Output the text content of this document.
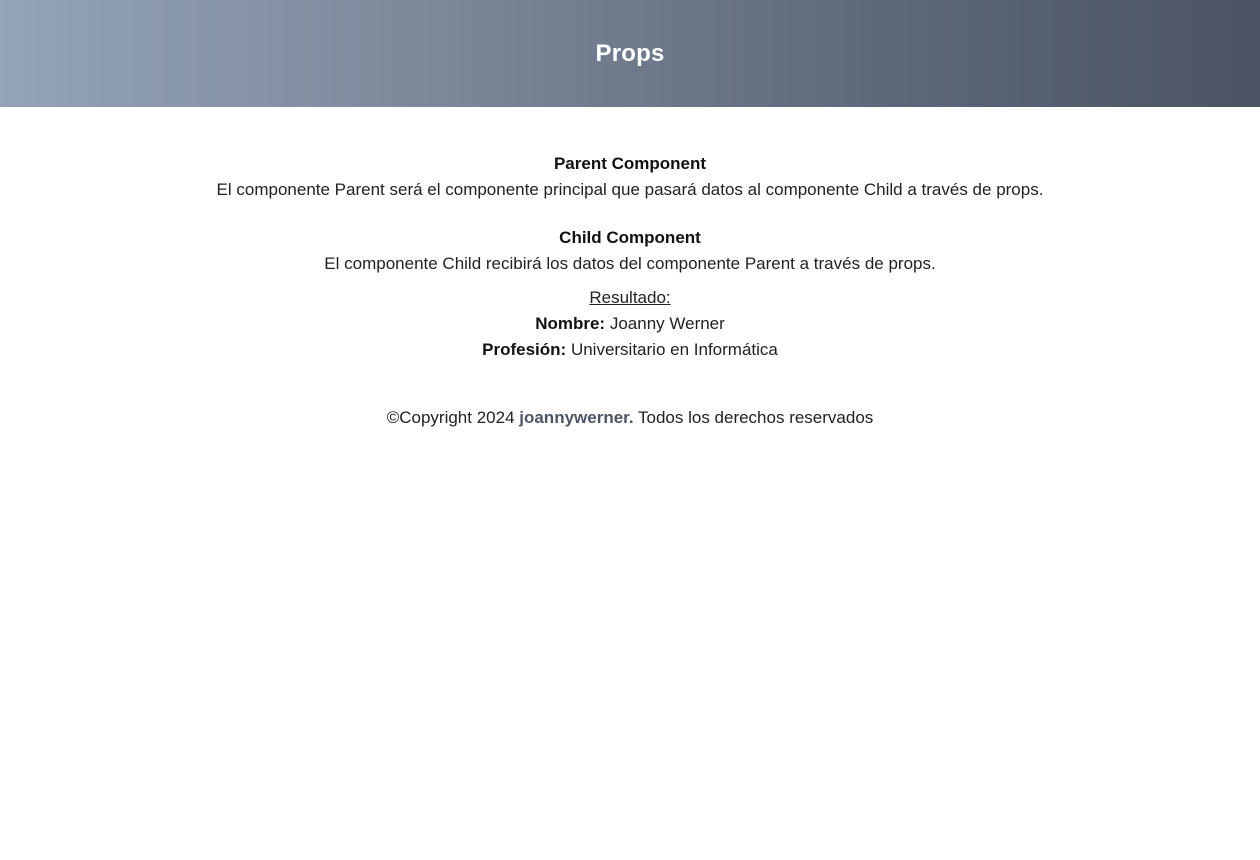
Props
Parent Component

El componente Parent será el componente principal que pasará datos al componente Child a través de props.

Child Component

El componente Child recibirá los datos del componente Parent a través de props.

Resultado:

Nombre: Joanny Werner

Profesión: Universitario en Informática

©Copyright 2024 joannywerner. Todos los derechos reservados
